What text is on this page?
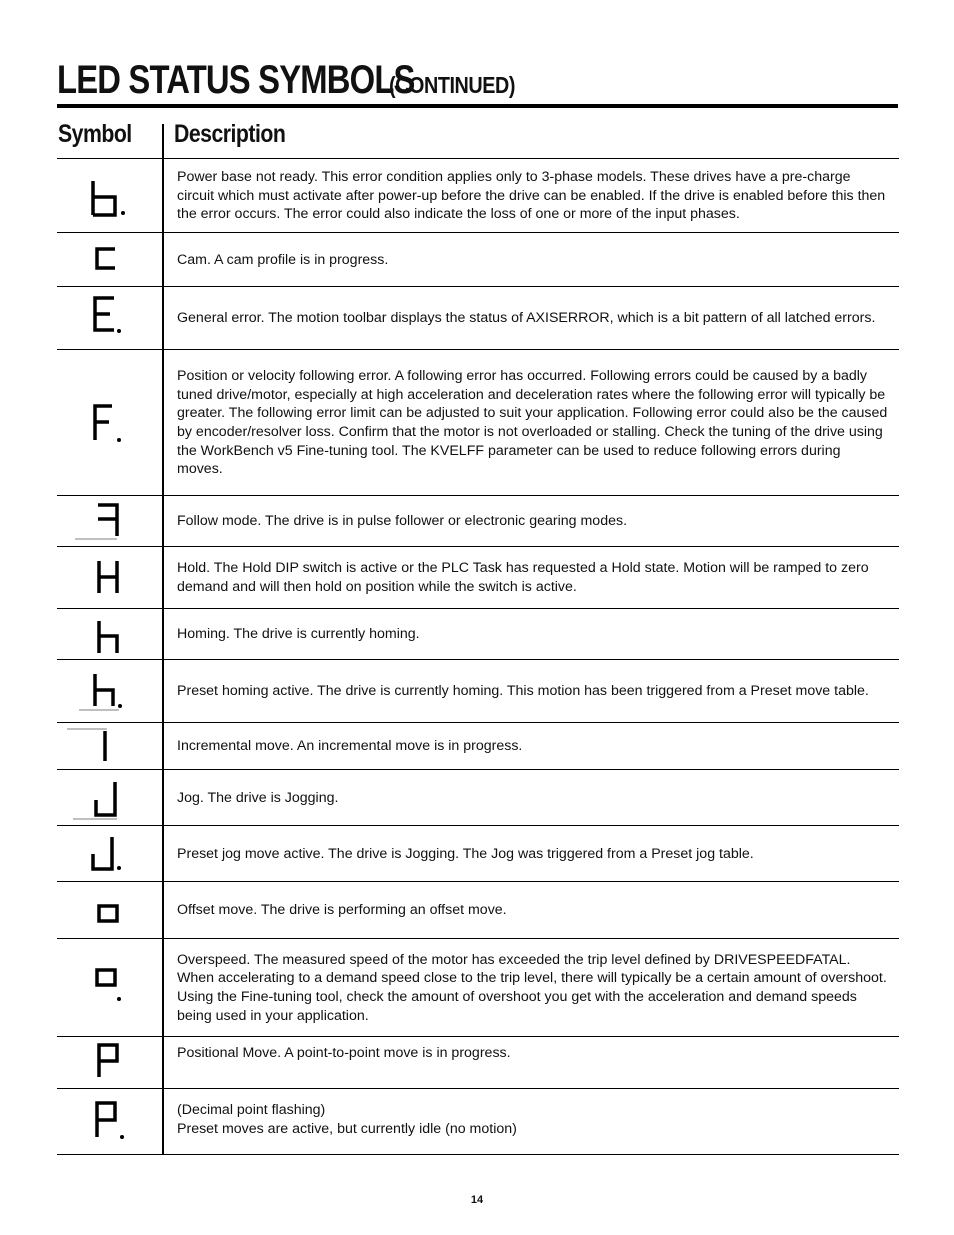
LED STATUS SYMBOLS
(CONTINUED)
Symbol Description
Power base not ready. This error condition applies only to 3-phase models. These drives have a pre-charge circuit which must activate after power-up before the drive can be enabled. If the drive is enabled before this then the error occurs. The error could also indicate the loss of one or more of the input phases.
Cam. A cam profile is in progress.
General error. The motion toolbar displays the status of AXISERROR, which is a bit pattern of all latched errors.
Position or velocity following error. A following error has occurred. Following errors could be caused by a badly tuned drive/motor, especially at high acceleration and deceleration rates where the following error will typically be greater. The following error limit can be adjusted to suit your application. Following error could also be the caused by encoder/resolver loss. Confirm that the motor is not overloaded or stalling. Check the tuning of the drive using the WorkBench v5 Fine-tuning tool. The KVELFF parameter can be used to reduce following errors during moves.
Follow mode. The drive is in pulse follower or electronic gearing modes.
Hold. The Hold DIP switch is active or the PLC Task has requested a Hold state. Motion will be ramped to zero demand and will then hold on position while the switch is active.
Homing. The drive is currently homing.
Preset homing active. The drive is currently homing. This motion has been triggered from a Preset move table.
Incremental move. An incremental move is in progress.
Jog. The drive is Jogging.
Preset jog move active. The drive is Jogging. The Jog was triggered from a Preset jog table.
Offset move. The drive is performing an offset move.
Overspeed. The measured speed of the motor has exceeded the trip level defined by DRIVESPEEDFATAL. When accelerating to a demand speed close to the trip level, there will typically be a certain amount of overshoot. Using the Fine-tuning tool, check the amount of overshoot you get with the acceleration and demand speeds being used in your application.
Positional Move. A point-to-point move is in progress.
(Decimal point flashing)
Preset moves are active, but currently idle (no motion)
14
